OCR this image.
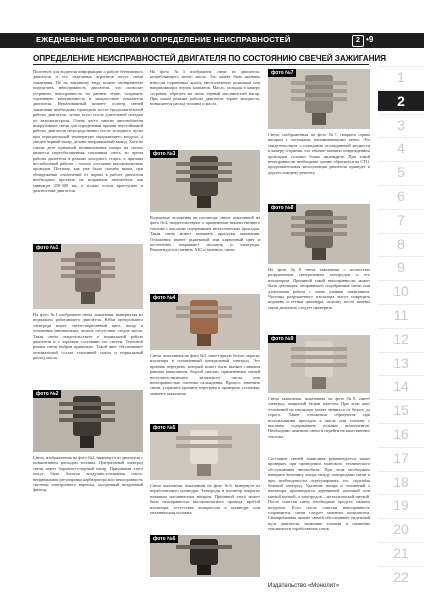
ЕЖЕДНЕВНЫЕ ПРОВЕРКИ И ОПРЕДЕЛЕНИЕ НЕИСПРАВНОСТЕЙ	2 •9
ОПРЕДЕЛЕНИЕ НЕИСПРАВНОСТЕЙ ДВИГАТЕЛЯ ПО СОСТОЯНИЮ СВЕЧЕЙ ЗАЖИГАНИЯ
Полезную для водителя информацию о работе бензинового двигателя и его отдельных агрегатов несут свечи зажигания. По их внешнему виду можно своевременно определить неисправность двигателя, что позволит устранить неисправность на раннем этапе, сохранить топливную экономичность и мощностные показатели двигателя. Немаловажный момент: осмотр свечей зажигания необходимо проводить после продолжительной работы двигателя, лучше всего после длительной поездки по автомагистрали. Очень часто многие автолюбители выкручивают свечи для определения причин неустойчивой работы двигателя непосредственно после холодного пуска при отрицательной температуре окружающего воздуха, а увидев черный нагар, делают неправильный вывод. Хотя на самом деле причиной возникновения нагара на свечах является переобогащенная топливная смесь во время работы двигателя в режиме холодного старта, а причина нестабильной работы – плохое состояние высоковольтных проводов. Поэтому, как уже было сказано выше, при обнаружении отклонений от нормы в работе двигателя необходимо проехать на исправном автомобиле как минимум 250-300 км, а только потом приступать к диагностике двигателя.
фото №1
На фото №1 изображена свеча зажигания, вывернутая из нормально работающего двигателя. Юбка центрального электрода имеет светло-коричневый цвет, нагар и отложения минимальны, полное отсутствие следов масла. Такая свеча свидетельствует о нормальной работе двигателя и о хорошем состоянии его систем. Тепловой режим свечи выбран правильно. Такой цвет обеспечивает оптимальный состав топливной смеси и нормальный расход масла.
фото №2
Свеча, изображенная на фото №2, вывернута из двигателя с повышенным расходом топлива. Центральный электрод свечи имеет бархатисто-черный нагар. Причинами этого могут быть богатая воздушно-топливная смесь, неправильная регулировка карбюратора или неисправность системы электронного впрыска, засоренный воздушный фильтр.
На фото №3 изображена свеча из двигателя, потребляющего много масла. Это может быть вызвано износом поршневых колец, маслосъемных колпачков или направляющих втулок клапанов. Масло, попадая в камеру сгорания, образует на свече черный маслянистый нагар. При таком режиме работы двигатель теряет мощность, повышается расход топлива и масла.
фото №3
Кольцевые отложения на изоляторе свечи, показанной на фото №4, свидетельствуют о применении некачественного топлива с высоким содержанием металлических присадок. Такая свеча может вызывать пропуски зажигания. Отложения имеют рыжеватый или кирпичный цвет и постепенно покрывают изолятор и электроды. Рекомендуется сменить АЗС и заменить свечи.
фото №4
Свеча, показанная на фото №5, имеет яркую белую окраску изолятора и оплавленный центральный электрод. Это признак перегрева, который может быть вызван слишком ранним зажиганием, бедной смесью, применением свечей несоответствующего калильного числа или неисправностью системы охлаждения. Процесс заменить свечи, устранить причину перегрева и проверить установку момента зажигания.
фото №5
Свеча зажигания, показанная на фото №6, вывернута из неработающего цилиндра. Электроды и изолятор покрыты влажным маслянистым нагаром. Причиной этого может быть неисправность высоковольтного провода, пробой изолятора, отсутствие компрессии в цилиндре или механическая поломка.
фото №6
фото №7
Свеча, изображенная на фото №7, покрыта серым нагаром с частицами, напоминающими пепел. Это свидетельствует о попадании охлаждающей жидкости в камеру сгорания, что обычно вызвано повреждением прокладки головки блока цилиндров. При такой неисправности необходимо срочно обратиться на СТО, продолжительная эксплуатация двигателя приведет к дорогостоящему ремонту.
фото №8
На фото №8 свеча зажигания с полностью разрушенным центральным электродом и его изолятором. Причиной такой неисправности может быть детонация, неправильно подобранные свечи или длительная работа с очень ранним зажиганием. Частицы разрушенного изолятора могут повредить поршень и стенки цилиндра, поэтому после замены свечи двигатель следует проверить.
фото №9
Свеча зажигания, показанная на фото №9, имеет электрод, покрытый белым налетом. При этом цвет отложений на изоляторе может меняться от белого до серого. Такие отложения образуются при использовании присадок к маслу или топливу с высоким содержанием зольных компонентов. Необходимо заменить свечи и перейти на качественное топливо.
Состояние свечей зажигания рекомендуется также проверять при проведении планового технического обслуживания автомобиля. При этом необходимо измерить величину зазора между электродами свечи и при необходимости отрегулировать его, подгибая боковой электрод. Удаление нагара и отложений с изолятора производится деревянной палочкой или мягкой щеткой, а электродов – металлической щеткой. После очистки свечу необходимо продуть сжатым воздухом. Если после очистки неисправность сохраняется, свечи следует заменить комплектом. Своевременная замена свечей обеспечивает надежный пуск двигателя, экономию топлива и снижение токсичности отработавших газов.
1
2
3
4
5
6
7
8
9
10
11
12
13
14
15
16
17
18
19
20
21
22
Издательство «Монолит»
